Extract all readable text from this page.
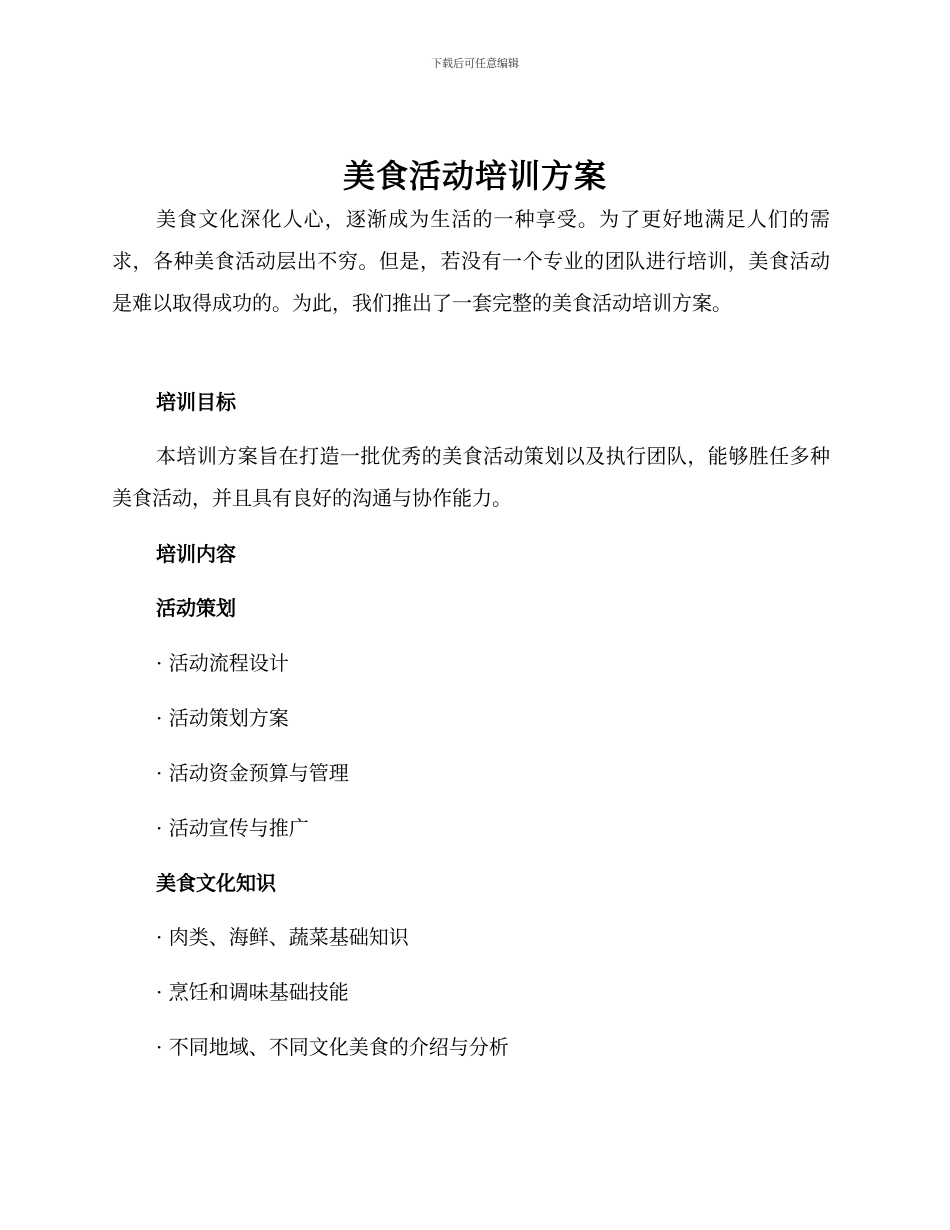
下载后可任意编辑
美食活动培训方案

美食文化深化人心，逐渐成为生活的一种享受。为了更好地满足人们的需求，各种美食活动层出不穷。但是，若没有一个专业的团队进行培训，美食活动是难以取得成功的。为此，我们推出了一套完整的美食活动培训方案。

培训目标

本培训方案旨在打造一批优秀的美食活动策划以及执行团队，能够胜任多种美食活动，并且具有良好的沟通与协作能力。

培训内容
活动策划
· 活动流程设计
· 活动策划方案
· 活动资金预算与管理
· 活动宣传与推广
美食文化知识
· 肉类、海鲜、蔬菜基础知识
· 烹饪和调味基础技能
· 不同地域、不同文化美食的介绍与分析
